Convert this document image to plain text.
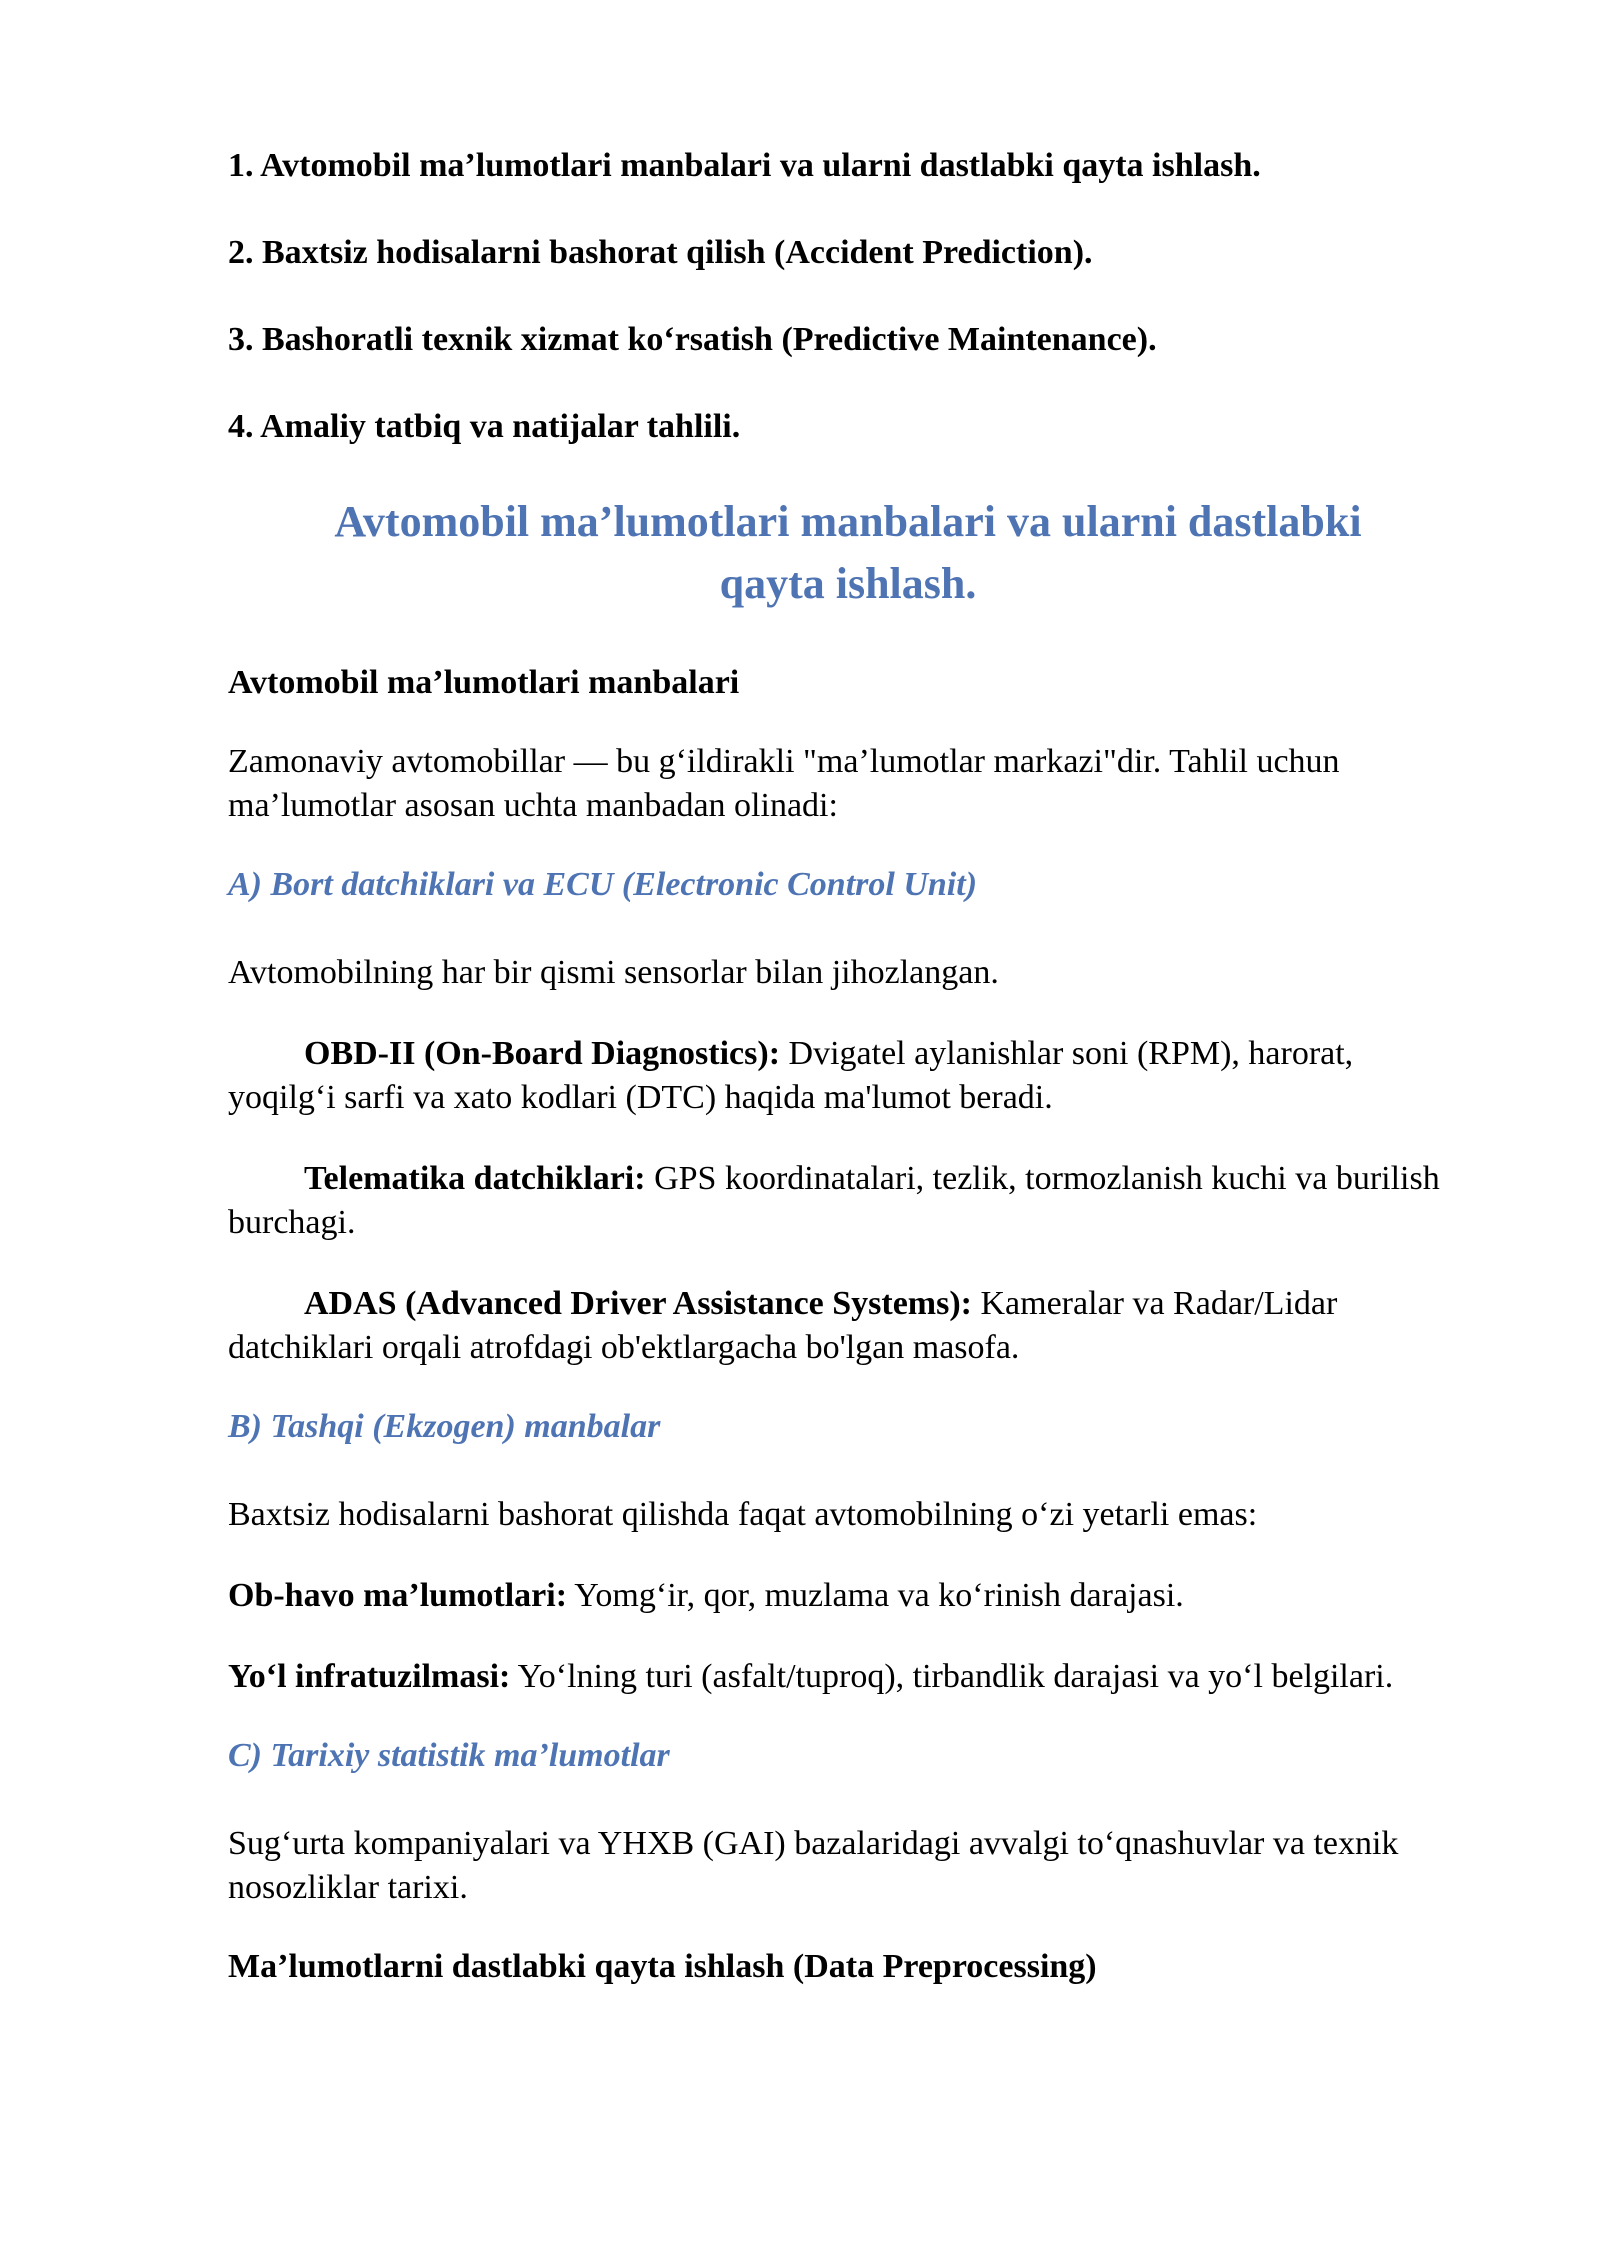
1. Avtomobil ma’lumotlari manbalari va ularni dastlabki qayta ishlash.
2. Baxtsiz hodisalarni bashorat qilish (Accident Prediction).
3. Bashoratli texnik xizmat ko‘rsatish (Predictive Maintenance).
4. Amaliy tatbiq va natijalar tahlili.
Avtomobil ma’lumotlari manbalari va ularni dastlabki
qayta ishlash.
Avtomobil ma’lumotlari manbalari
Zamonaviy avtomobillar — bu g‘ildirakli "ma’lumotlar markazi"dir. Tahlil uchun ma’lumotlar asosan uchta manbadan olinadi:
A) Bort datchiklari va ECU (Electronic Control Unit)
Avtomobilning har bir qismi sensorlar bilan jihozlangan.
OBD-II (On-Board Diagnostics): Dvigatel aylanishlar soni (RPM), harorat, yoqilg‘i sarfi va xato kodlari (DTC) haqida ma'lumot beradi.
Telematika datchiklari: GPS koordinatalari, tezlik, tormozlanish kuchi va burilish burchagi.
ADAS (Advanced Driver Assistance Systems): Kameralar va Radar/Lidar datchiklari orqali atrofdagi ob'ektlargacha bo'lgan masofa.
B) Tashqi (Ekzogen) manbalar
Baxtsiz hodisalarni bashorat qilishda faqat avtomobilning o‘zi yetarli emas:
Ob-havo ma’lumotlari: Yomg‘ir, qor, muzlama va ko‘rinish darajasi.
Yo‘l infratuzilmasi: Yo‘lning turi (asfalt/tuproq), tirbandlik darajasi va yo‘l belgilari.
C) Tarixiy statistik ma’lumotlar
Sug‘urta kompaniyalari va YHXB (GAI) bazalaridagi avvalgi to‘qnashuvlar va texnik nosozliklar tarixi.
Ma’lumotlarni dastlabki qayta ishlash (Data Preprocessing)
